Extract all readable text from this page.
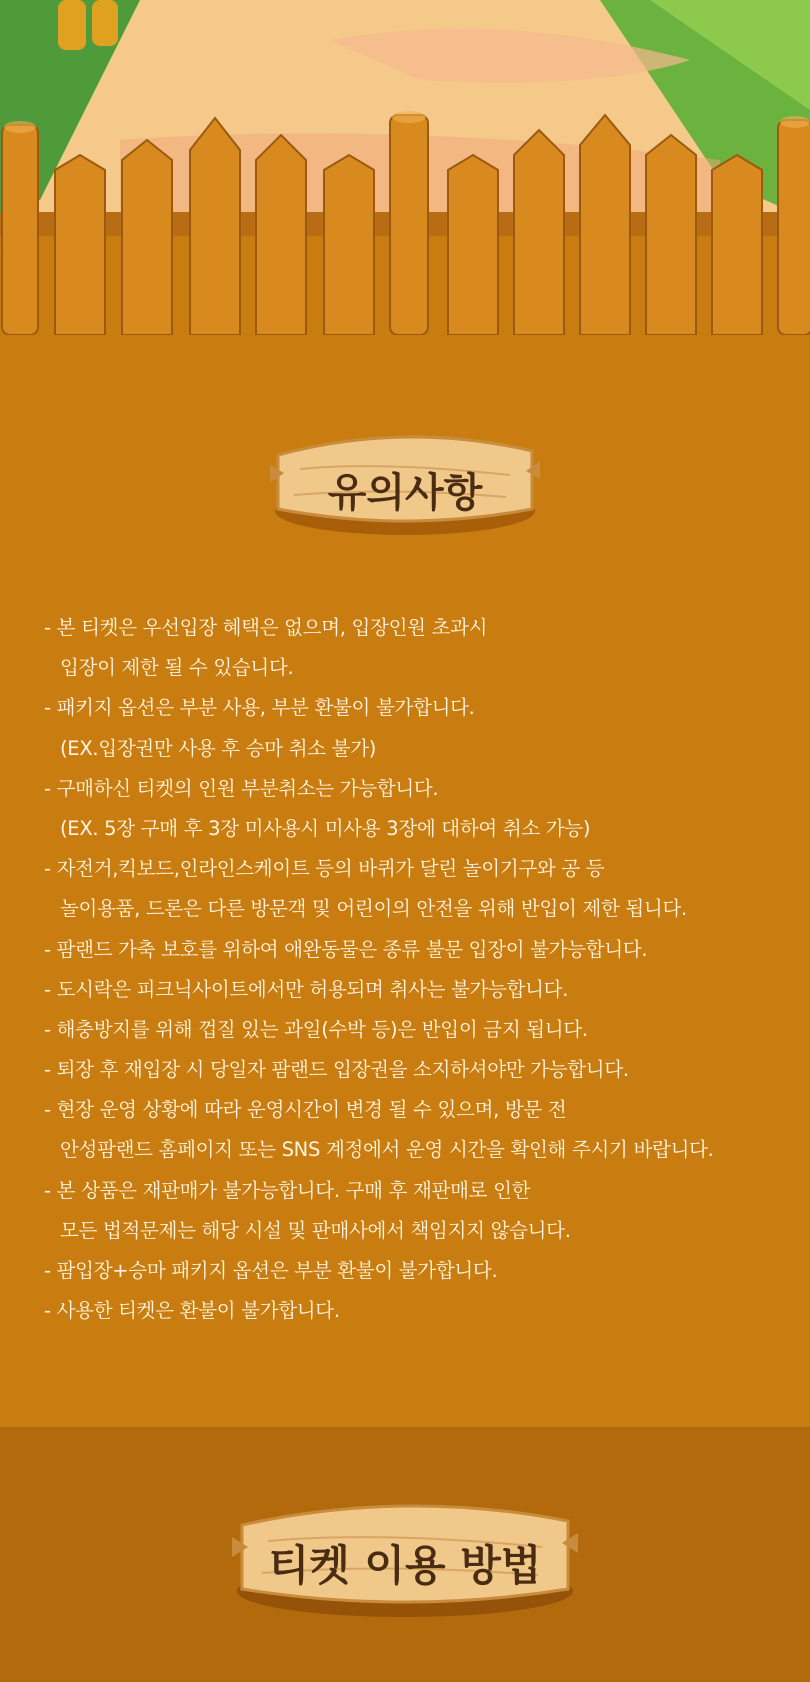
유의사항
- 본 티켓은 우선입장 혜택은 없으며, 입장인원 초과시
입장이 제한 될 수 있습니다.
- 패키지 옵션은 부분 사용, 부분 환불이 불가합니다.
(EX.입장권만 사용 후 승마 취소 불가)
- 구매하신 티켓의 인원 부분취소는 가능합니다.
(EX. 5장 구매 후 3장 미사용시 미사용 3장에 대하여 취소 가능)
- 자전거,킥보드,인라인스케이트 등의 바퀴가 달린 놀이기구와 공 등
놀이용품, 드론은 다른 방문객 및 어린이의 안전을 위해 반입이 제한 됩니다.
- 팜랜드 가축 보호를 위하여 애완동물은 종류 불문 입장이 불가능합니다.
- 도시락은 피크닉사이트에서만 허용되며 취사는 불가능합니다.
- 해충방지를 위해 껍질 있는 과일(수박 등)은 반입이 금지 됩니다.
- 퇴장 후 재입장 시 당일자 팜랜드 입장권을 소지하셔야만 가능합니다.
- 현장 운영 상황에 따라 운영시간이 변경 될 수 있으며, 방문 전
안성팜랜드 홈페이지 또는 SNS 계정에서 운영 시간을 확인해 주시기 바랍니다.
- 본 상품은 재판매가 불가능합니다. 구매 후 재판매로 인한
모든 법적문제는 해당 시설 및 판매사에서 책임지지 않습니다.
- 팜입장+승마 패키지 옵션은 부분 환불이 불가합니다.
- 사용한 티켓은 환불이 불가합니다.
티켓 이용 방법
